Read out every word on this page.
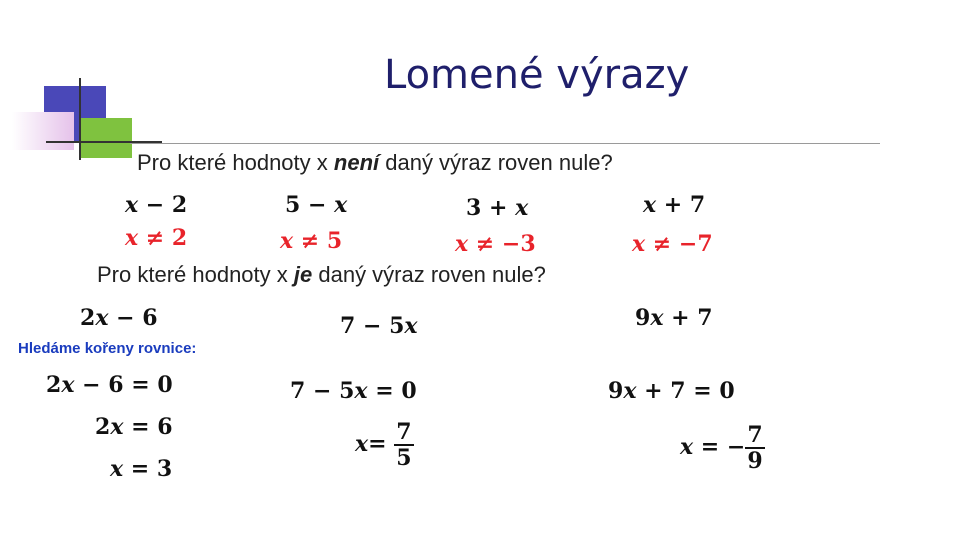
Lomené výrazy
Pro které hodnoty x není daný výraz roven nule?
x − 2
x ≠ 2
5 − x
x ≠ 5
3 + x
x ≠ −3
x + 7
x ≠ −7
Pro které hodnoty x je daný výraz roven nule?
2x − 6	7 − 5x	9x + 7
Hledáme kořeny rovnice:
2x − 6 = 0
2x = 6
x = 3
7 − 5x = 0
$x= \frac{7}{5}$
9x + 7 = 0
x = − $\frac{7}{9}$
